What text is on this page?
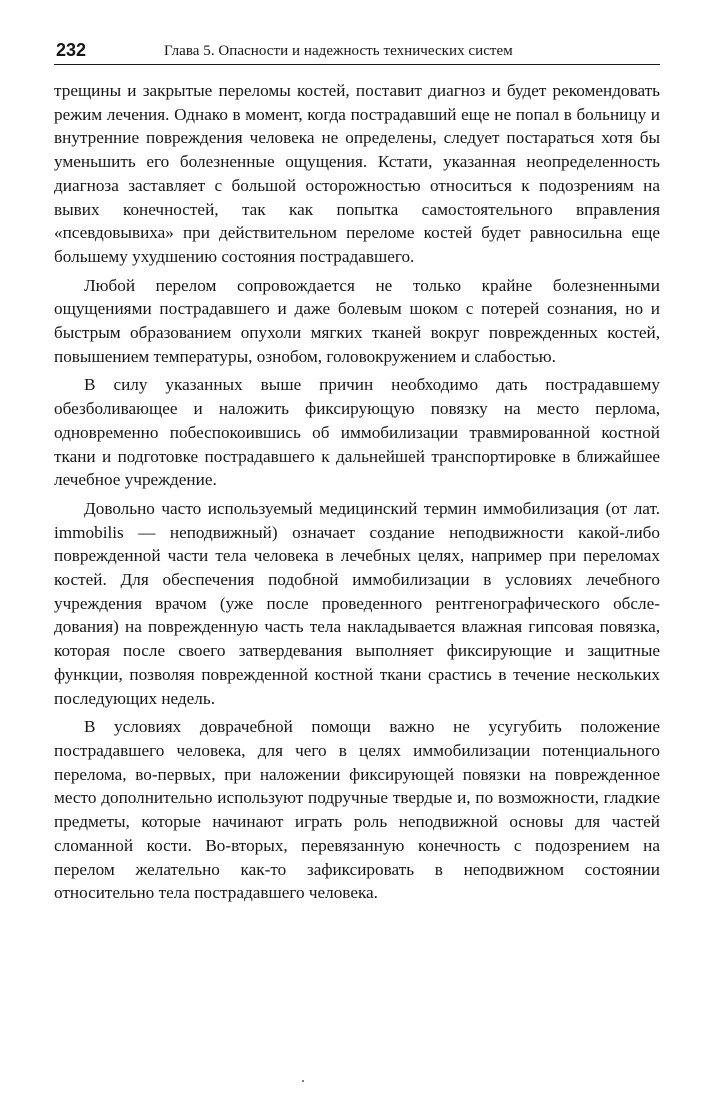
232	Глава 5. Опасности и надежность технических систем

трещины и закрытые переломы костей, поставит диагноз и будет рекомендовать режим лечения. Однако в момент, когда пострадавший еще не попал в больницу и внутренние повреждения человека не определены, следует постараться хотя бы уменьшить его болезненные ощущения. Кстати, указанная неопределенность диагноза заставляет с большой осторожностью относиться к подозрениям на вывих конечностей, так как попытка самостоятельного вправления «псевдовывиха» при действительном переломе костей будет равносильна еще большему ухудшению состояния пострадавшего.

Любой перелом сопровождается не только крайне болезненными ощущениями пострадавшего и даже болевым шоком с потерей сознания, но и быстрым образованием опухоли мягких тканей вокруг поврежденных костей, повышением температуры, ознобом, головокружением и слабостью.

В силу указанных выше причин необходимо дать пострадавшему обезболивающее и наложить фиксирующую повязку на место перлома, одновременно побеспокоившись об иммобилизации травмированной костной ткани и подготовке пострадавшего к дальнейшей транспортировке в ближайшее лечебное учреждение.

Довольно часто используемый медицинский термин иммобилизация (от лат. immobilis — неподвижный) означает создание неподвижности какой-либо поврежденной части тела человека в лечебных целях, например при переломах костей. Для обеспечения подобной иммобилизации в условиях лечебного учреждения врачом (уже после проведенного рентгенографического обследования) на поврежденную часть тела накладывается влажная гипсовая повязка, которая после своего затвердевания выполняет фиксирующие и защитные функции, позволяя поврежденной костной ткани срастись в течение нескольких последующих недель.

В условиях доврачебной помощи важно не усугубить положение пострадавшего человека, для чего в целях иммобилизации потенциального перелома, во-первых, при наложении фиксирующей повязки на поврежденное место дополнительно используют подручные твердые и, по возможности, гладкие предметы, которые начинают играть роль неподвижной основы для частей сломанной кости. Во-вторых, перевязанную конечность с подозрением на перелом желательно как-то зафиксировать в неподвижном состоянии относительно тела пострадавшего человека.
